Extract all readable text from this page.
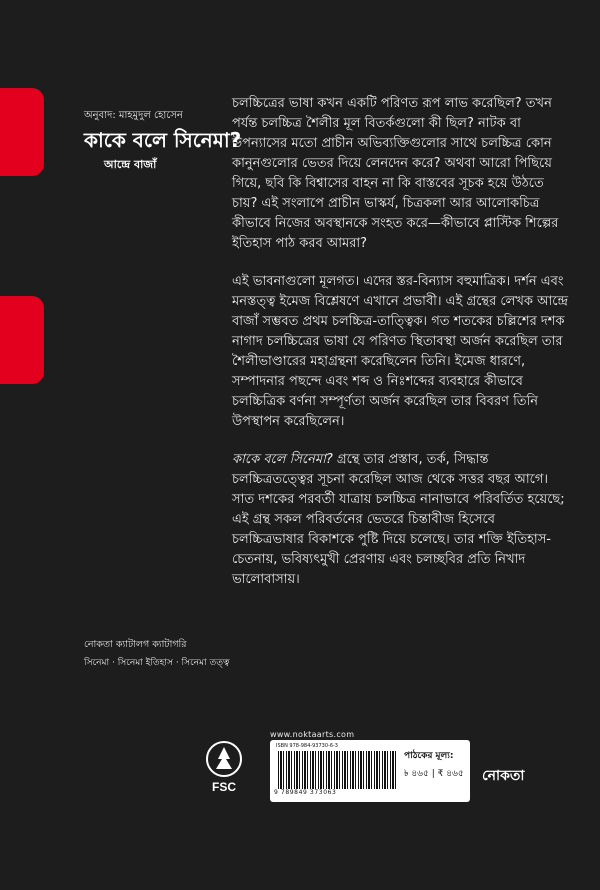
অনুবাদ: মাহমুদুল হোসেন
কাকে বলে সিনেমা?
আন্দ্রে বাজাঁ

চলচ্চিত্রের ভাষা কখন একটি পরিণত রূপ লাভ করেছিল? তখন পর্যন্ত চলচ্চিত্র শৈলীর মূল বিতর্কগুলো কী ছিল? নাটক বা উপন্যাসের মতো প্রাচীন অভিব্যক্তিগুলোর সাথে চলচ্চিত্র কোন কানুনগুলোর ভেতর দিয়ে লেনদেন করে? অথবা আরো পিছিয়ে গিয়ে, ছবি কি বিশ্বাসের বাহন না কি বাস্তবের সূচক হয়ে উঠতে চায়? এই সংলাপে প্রাচীন ভাস্কর্য, চিত্রকলা আর আলোকচিত্র কীভাবে নিজের অবস্থানকে সংহত করে—কীভাবে প্লাস্টিক শিল্পের ইতিহাস পাঠ করব আমরা?

এই ভাবনাগুলো মূলগত। এদের স্তর-বিন্যাস বহুমাত্রিক। দর্শন এবং মনস্তত্ত্ব ইমেজ বিশ্লেষণে এখানে প্রভাবী। এই গ্রন্থের লেখক আন্দ্রে বাজাঁ সম্ভবত প্রথম চলচ্চিত্র-তাত্ত্বিক। গত শতকের চল্লিশের দশক নাগাদ চলচ্চিত্রের ভাষা যে পরিণত স্থিতাবস্থা অর্জন করেছিল তার শৈলীভাণ্ডারের মহাগ্রন্থনা করেছিলেন তিনি। ইমেজ ধারণে, সম্পাদনার পছন্দে এবং শব্দ ও নিঃশব্দের ব্যবহারে কীভাবে চলচ্চিত্রিক বর্ণনা সম্পূর্ণতা অর্জন করেছিল তার বিবরণ তিনি উপস্থাপন করেছিলেন।

কাকে বলে সিনেমা? গ্রন্থে তার প্রস্তাব, তর্ক, সিদ্ধান্ত চলচ্চিত্রতত্ত্বের সূচনা করেছিল আজ থেকে সত্তর বছর আগে। সাত দশকের পরবর্তী যাত্রায় চলচ্চিত্র নানাভাবে পরিবর্তিত হয়েছে; এই গ্রন্থ সকল পরিবর্তনের ভেতরে চিন্তাবীজ হিসেবে চলচ্চিত্রভাষার বিকাশকে পুষ্টি দিয়ে চলেছে। তার শক্তি ইতিহাস-চেতনায়, ভবিষ্যৎমুখী প্রেরণায় এবং চলচ্ছবির প্রতি নিখাদ ভালোবাসায়।

নোকতা ক্যাটালগ ক্যাটাগরি
সিনেমা · সিনেমা ইতিহাস · সিনেমা তত্ত্ব
FSC
www.noktaarts.com
ISBN 978-984-93730-6-3
9 789849 373063
পাঠকের মূল্য:
৳ ৪৬৫ | ₹ ৪৬৫ নোকতা
